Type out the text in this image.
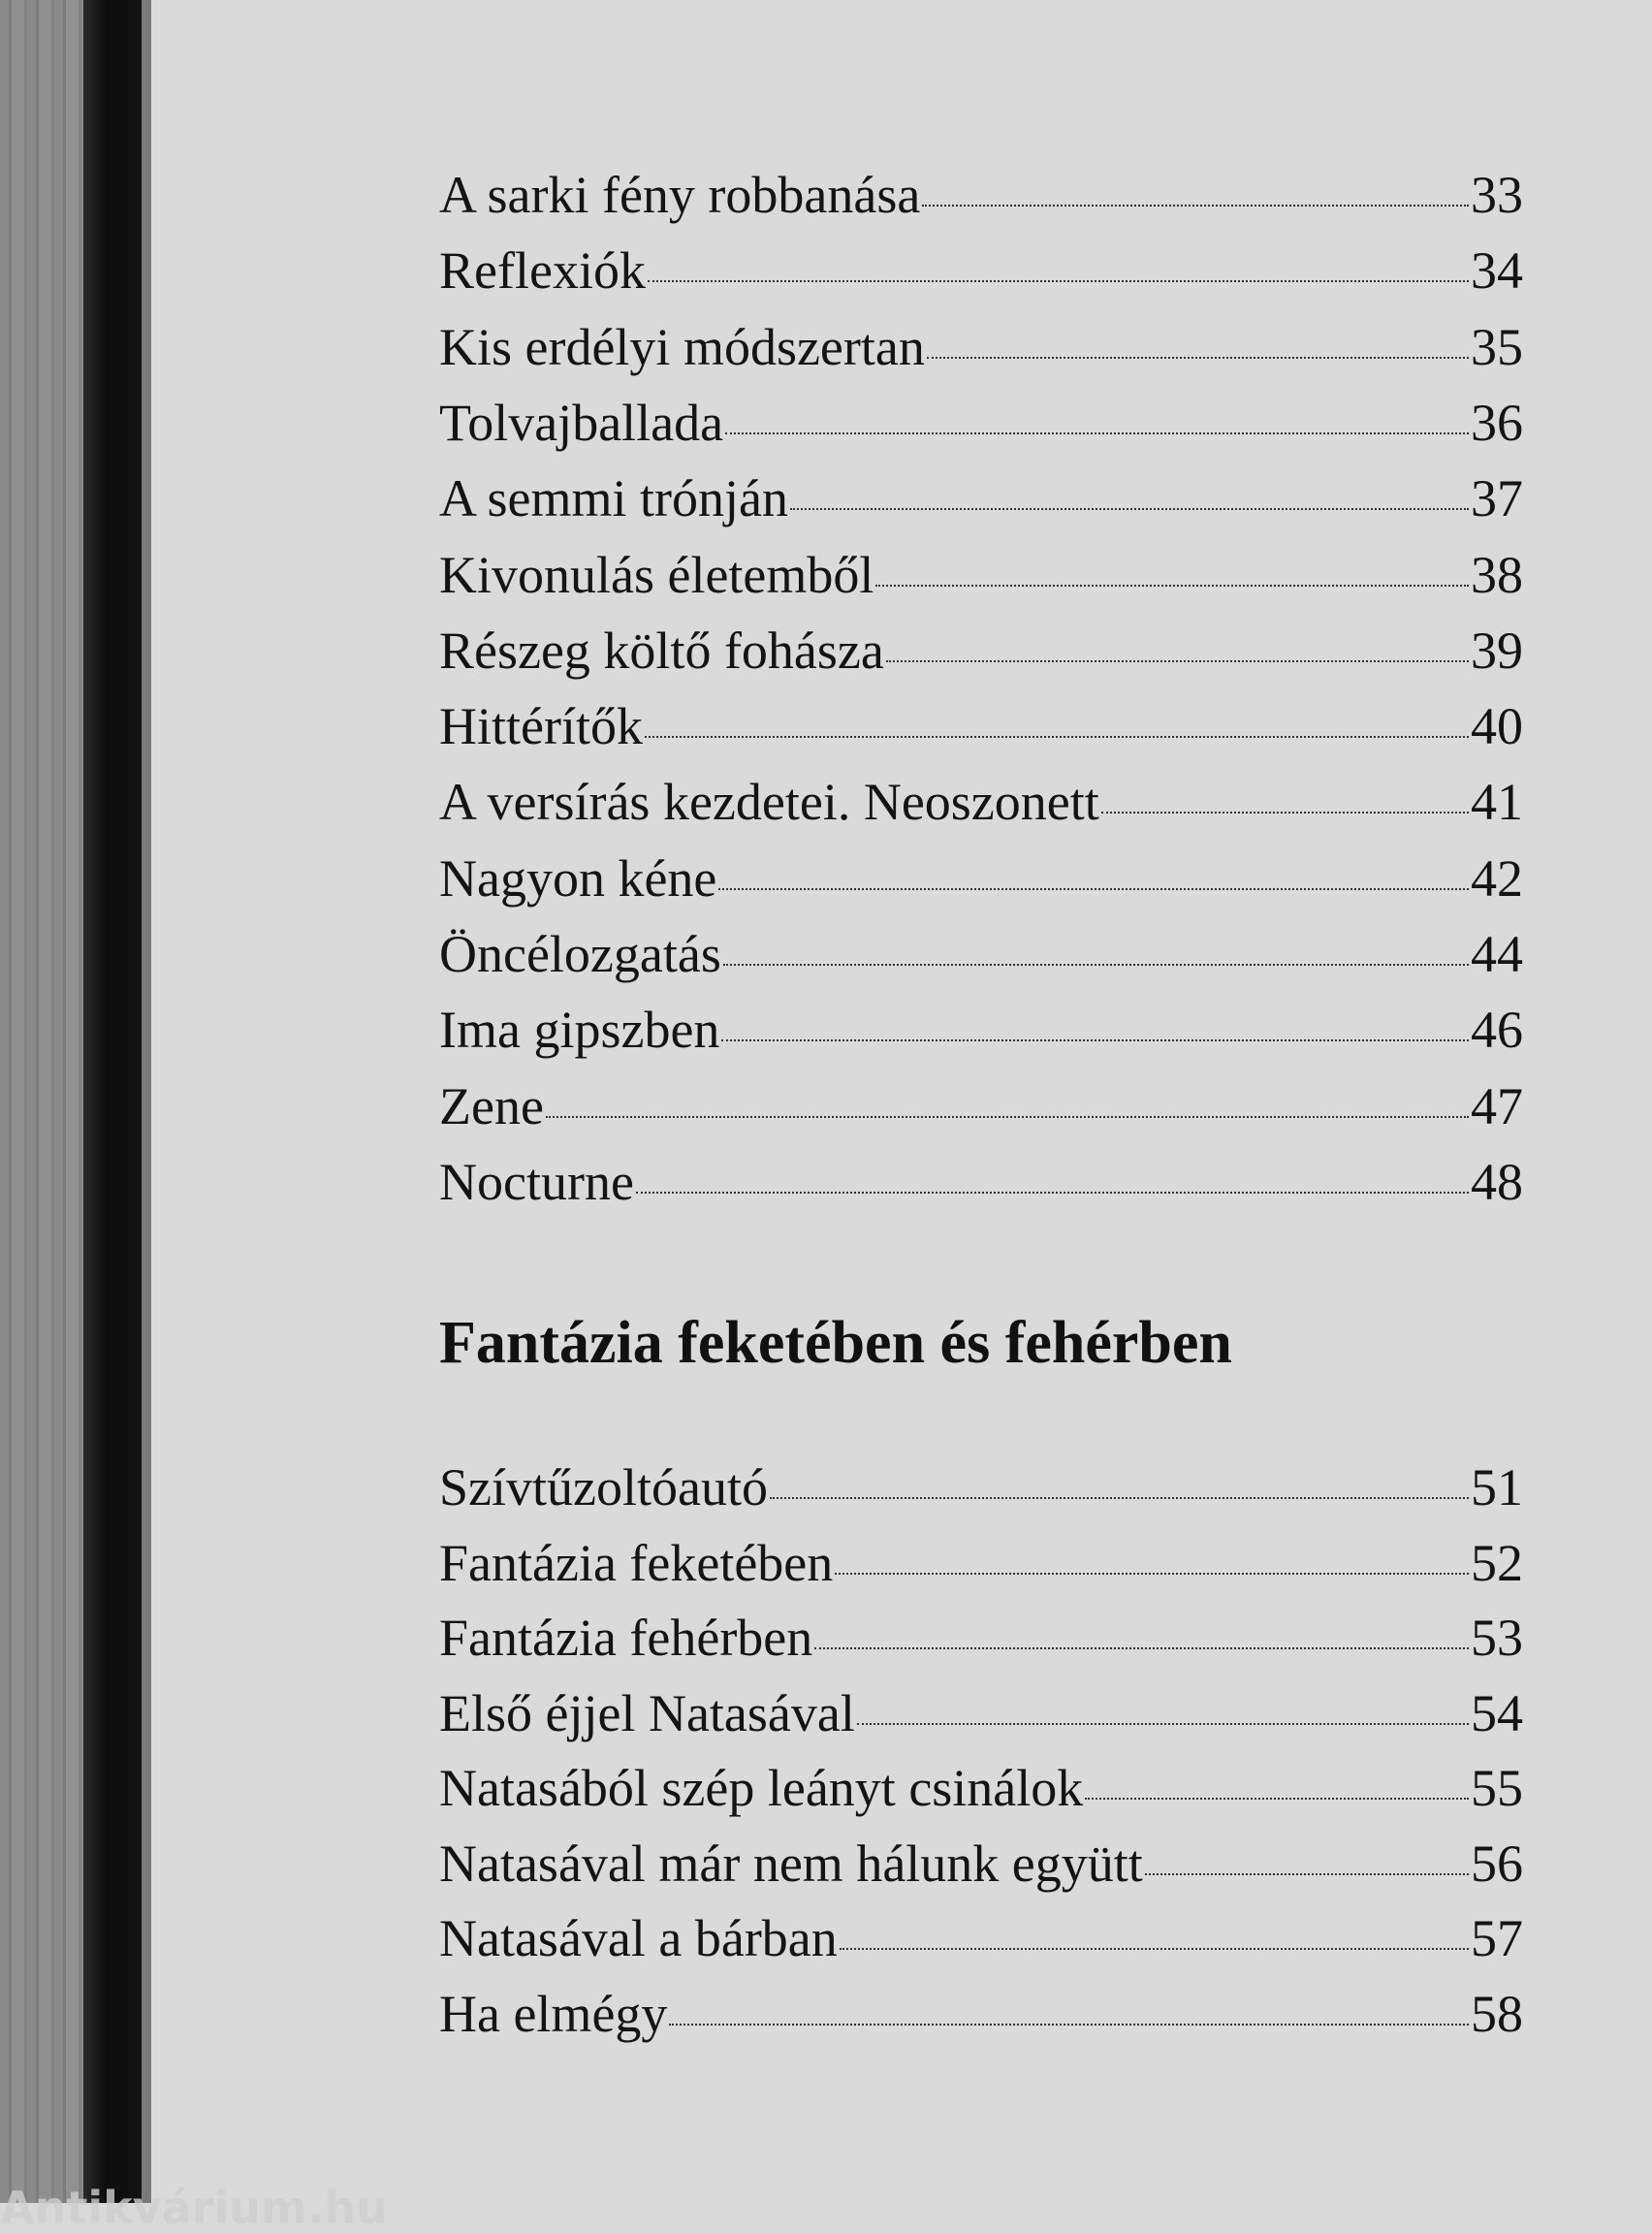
A sarki fény robbanása	33
Reflexiók	34
Kis erdélyi módszertan	35
Tolvajballada	36
A semmi trónján	37
Kivonulás életemből	38
Részeg költő fohásza	39
Hittérítők	40
A versírás kezdetei. Neoszonett	41
Nagyon kéne	42
Öncélozgatás	44
Ima gipszben	46
Zene	47
Nocturne	48
Fantázia feketében és fehérben
Szívtűzoltóautó	51
Fantázia feketében	52
Fantázia fehérben	53
Első éjjel Natasával	54
Natasából szép leányt csinálok	55
Natasával már nem hálunk együtt	56
Natasával a bárban	57
Ha elmégy	58
Antikvárium.hu
